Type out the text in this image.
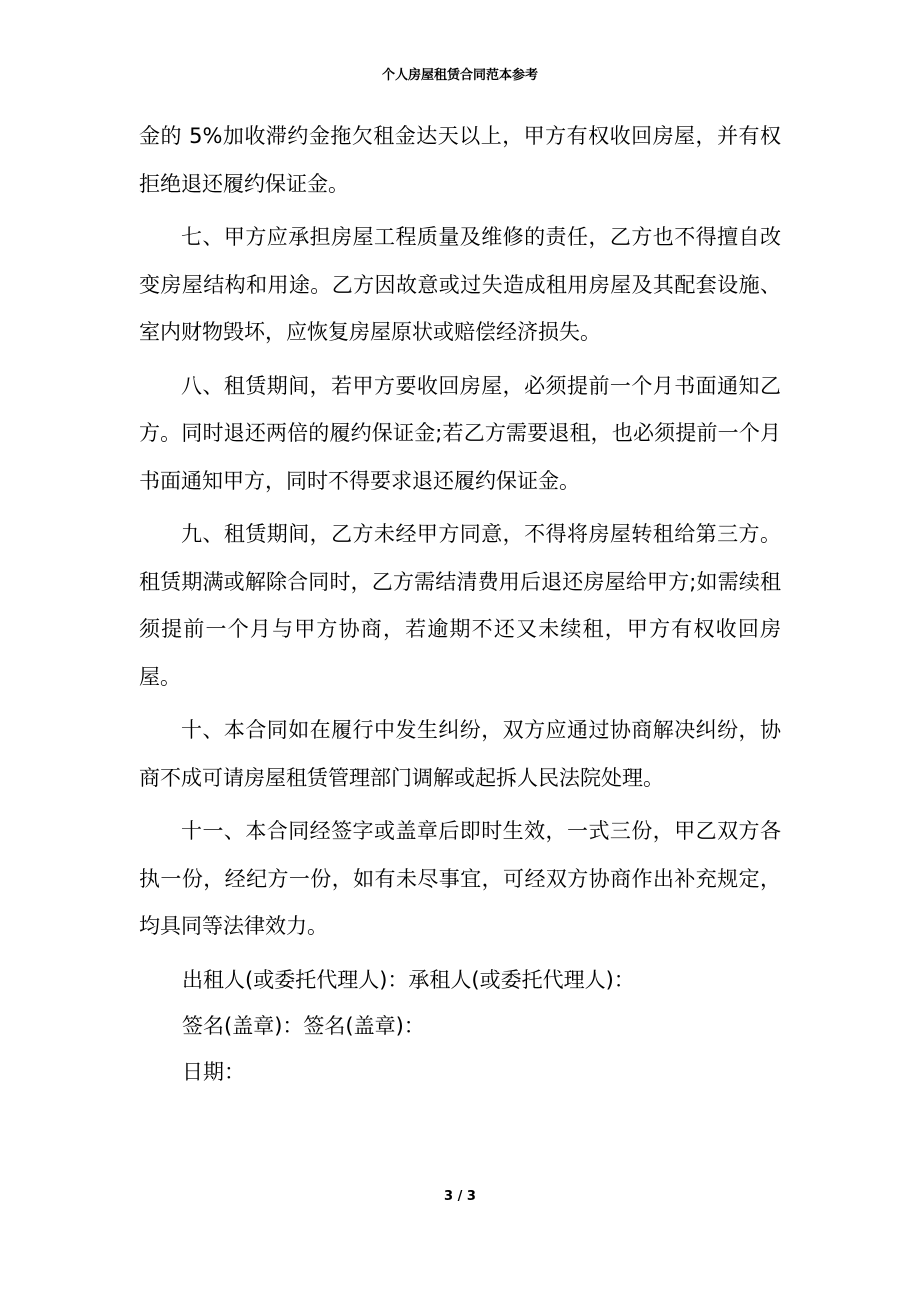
个人房屋租赁合同范本参考

金的 5%加收滞约金拖欠租金达天以上，甲方有权收回房屋，并有权拒绝退还履约保证金。

七、甲方应承担房屋工程质量及维修的责任，乙方也不得擅自改变房屋结构和用途。乙方因故意或过失造成租用房屋及其配套设施、室内财物毁坏，应恢复房屋原状或赔偿经济损失。

八、租赁期间，若甲方要收回房屋，必须提前一个月书面通知乙方。同时退还两倍的履约保证金;若乙方需要退租，也必须提前一个月书面通知甲方，同时不得要求退还履约保证金。

九、租赁期间，乙方未经甲方同意，不得将房屋转租给第三方。租赁期满或解除合同时，乙方需结清费用后退还房屋给甲方;如需续租须提前一个月与甲方协商，若逾期不还又未续租，甲方有权收回房屋。

十、本合同如在履行中发生纠纷，双方应通过协商解决纠纷，协商不成可请房屋租赁管理部门调解或起拆人民法院处理。

十一、本合同经签字或盖章后即时生效，一式三份，甲乙双方各执一份，经纪方一份，如有未尽事宜，可经双方协商作出补充规定，均具同等法律效力。

出租人(或委托代理人)：承租人(或委托代理人)：

签名(盖章)：签名(盖章)：

日期：

3 / 3
